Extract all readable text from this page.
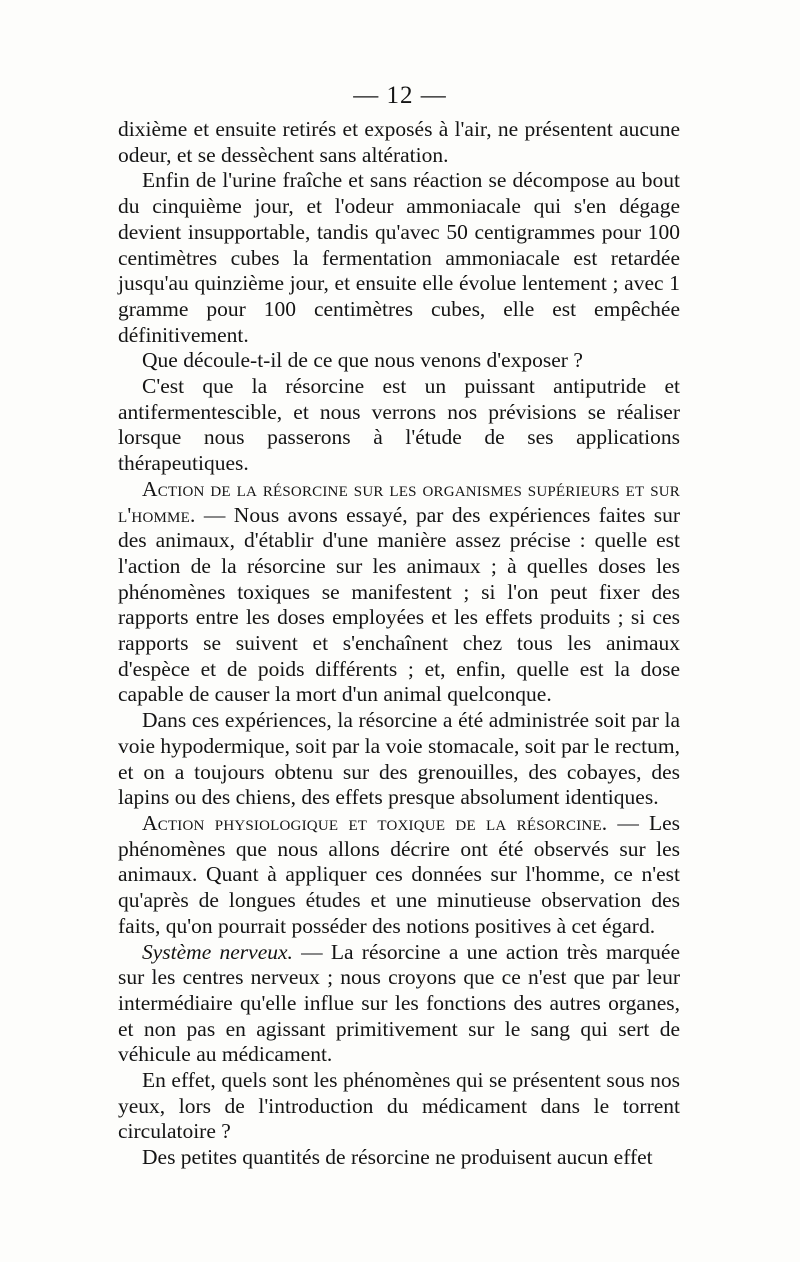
— 12 —

dixième et ensuite retirés et exposés à l'air, ne présentent aucune odeur, et se dessèchent sans altération.

Enfin de l'urine fraîche et sans réaction se décompose au bout du cinquième jour, et l'odeur ammoniacale qui s'en dégage devient insupportable, tandis qu'avec 50 centigrammes pour 100 centimètres cubes la fermentation ammoniacale est retardée jusqu'au quinzième jour, et ensuite elle évolue lentement ; avec 1 gramme pour 100 centimètres cubes, elle est empêchée définitivement.

Que découle-t-il de ce que nous venons d'exposer ?

C'est que la résorcine est un puissant antiputride et antifermentescible, et nous verrons nos prévisions se réaliser lorsque nous passerons à l'étude de ses applications thérapeutiques.

Action de la résorcine sur les organismes supérieurs et sur l'homme. — Nous avons essayé, par des expériences faites sur des animaux, d'établir d'une manière assez précise : quelle est l'action de la résorcine sur les animaux ; à quelles doses les phénomènes toxiques se manifestent ; si l'on peut fixer des rapports entre les doses employées et les effets produits ; si ces rapports se suivent et s'enchaînent chez tous les animaux d'espèce et de poids différents ; et, enfin, quelle est la dose capable de causer la mort d'un animal quelconque.

Dans ces expériences, la résorcine a été administrée soit par la voie hypodermique, soit par la voie stomacale, soit par le rectum, et on a toujours obtenu sur des grenouilles, des cobayes, des lapins ou des chiens, des effets presque absolument identiques.

Action physiologique et toxique de la résorcine. — Les phénomènes que nous allons décrire ont été observés sur les animaux. Quant à appliquer ces données sur l'homme, ce n'est qu'après de longues études et une minutieuse observation des faits, qu'on pourrait posséder des notions positives à cet égard.

Système nerveux. — La résorcine a une action très marquée sur les centres nerveux ; nous croyons que ce n'est que par leur intermédiaire qu'elle influe sur les fonctions des autres organes, et non pas en agissant primitivement sur le sang qui sert de véhicule au médicament.

En effet, quels sont les phénomènes qui se présentent sous nos yeux, lors de l'introduction du médicament dans le torrent circulatoire ?

Des petites quantités de résorcine ne produisent aucun effet
